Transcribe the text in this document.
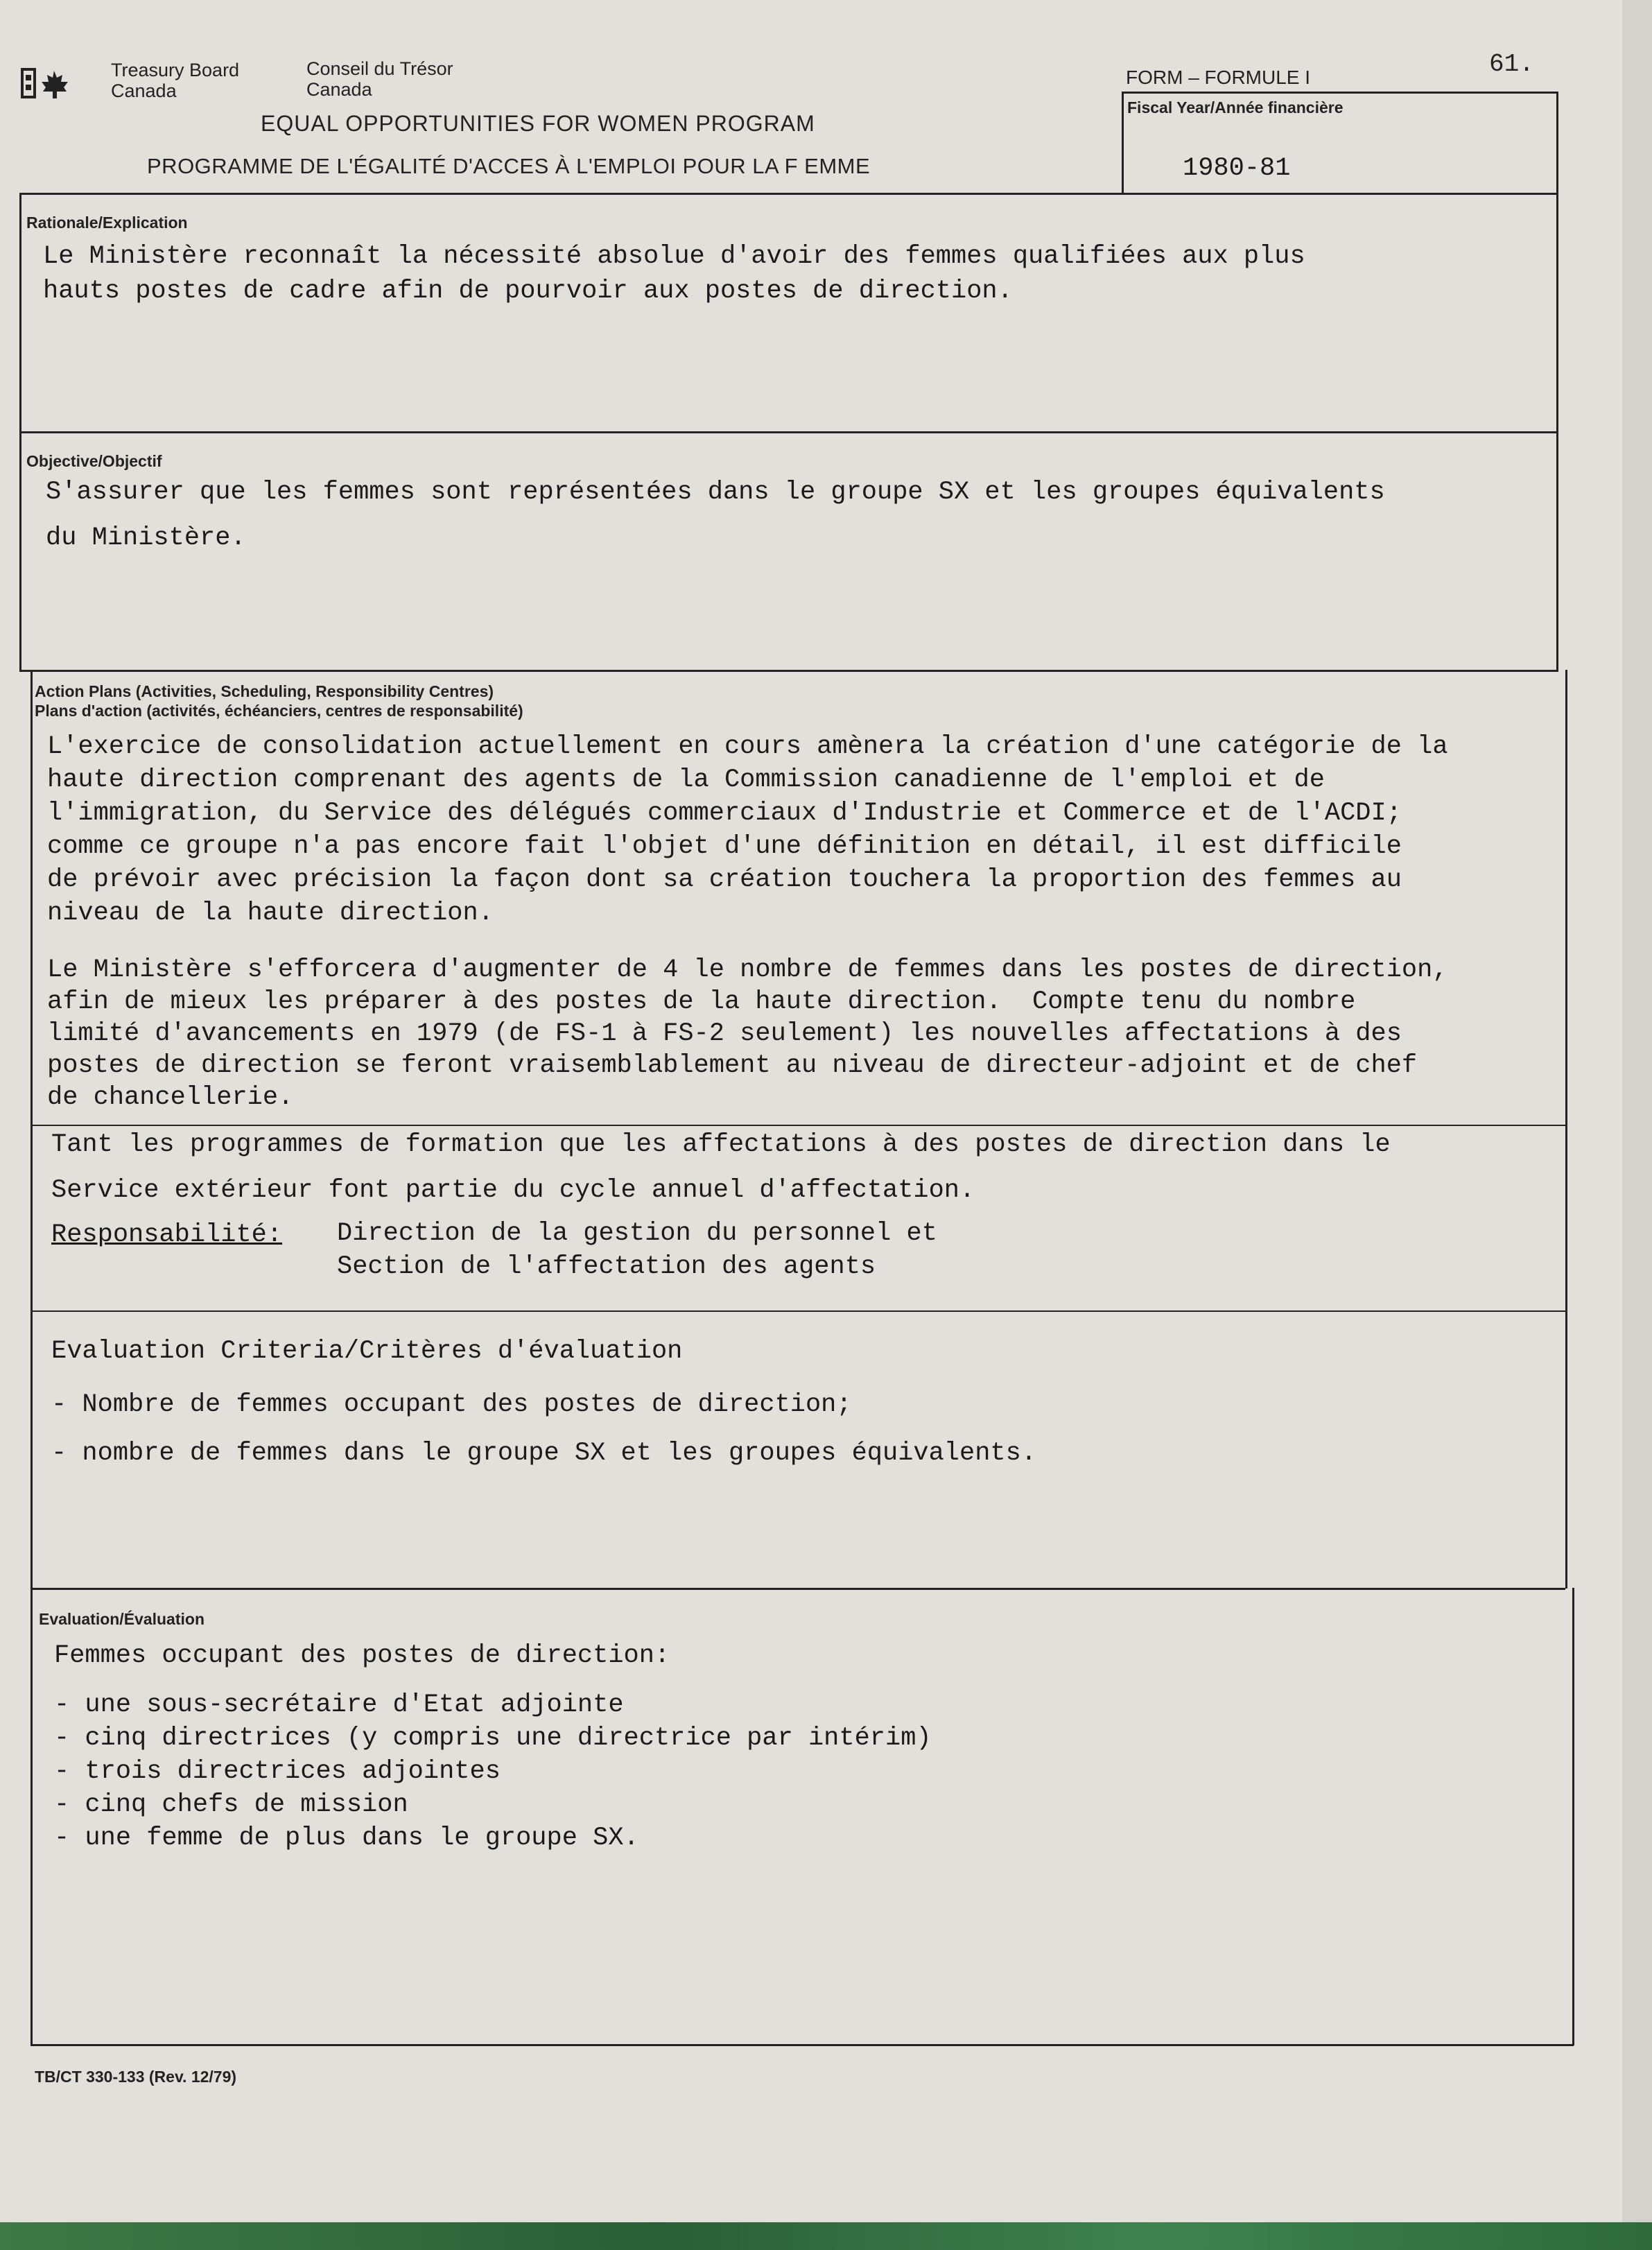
61.
Treasury Board
Canada
Conseil du Trésor
Canada
EQUAL OPPORTUNITIES FOR WOMEN PROGRAM
PROGRAMME DE L'ÉGALITÉ D'ACCES À L'EMPLOI POUR LA F EMME
FORM – FORMULE I
Fiscal Year/Année financière
1980-81
Rationale/Explication
Le Ministère reconnaît la nécessité absolue d'avoir des femmes qualifiées aux plus
hauts postes de cadre afin de pourvoir aux postes de direction.
Objective/Objectif
S'assurer que les femmes sont représentées dans le groupe SX et les groupes équivalents
du Ministère.
Action Plans (Activities, Scheduling, Responsibility Centres)
Plans d'action (activités, échéanciers, centres de responsabilité)
L'exercice de consolidation actuellement en cours amènera la création d'une catégorie de la
haute direction comprenant des agents de la Commission canadienne de l'emploi et de
l'immigration, du Service des délégués commerciaux d'Industrie et Commerce et de l'ACDI;
comme ce groupe n'a pas encore fait l'objet d'une définition en détail, il est difficile
de prévoir avec précision la façon dont sa création touchera la proportion des femmes au
niveau de la haute direction.
Le Ministère s'efforcera d'augmenter de 4 le nombre de femmes dans les postes de direction,
afin de mieux les préparer à des postes de la haute direction.  Compte tenu du nombre
limité d'avancements en 1979 (de FS-1 à FS-2 seulement) les nouvelles affectations à des
postes de direction se feront vraisemblablement au niveau de directeur-adjoint et de chef
de chancellerie.
Tant les programmes de formation que les affectations à des postes de direction dans le
Service extérieur font partie du cycle annuel d'affectation.
Responsabilité: Direction de la gestion du personnel et
Section de l'affectation des agents
Evaluation Criteria/Critères d'évaluation
- Nombre de femmes occupant des postes de direction;
- nombre de femmes dans le groupe SX et les groupes équivalents.
Evaluation/Évaluation
Femmes occupant des postes de direction:
- une sous-secrétaire d'Etat adjointe
- cinq directrices (y compris une directrice par intérim)
- trois directrices adjointes
- cinq chefs de mission
- une femme de plus dans le groupe SX.
TB/CT 330-133 (Rev. 12/79)
